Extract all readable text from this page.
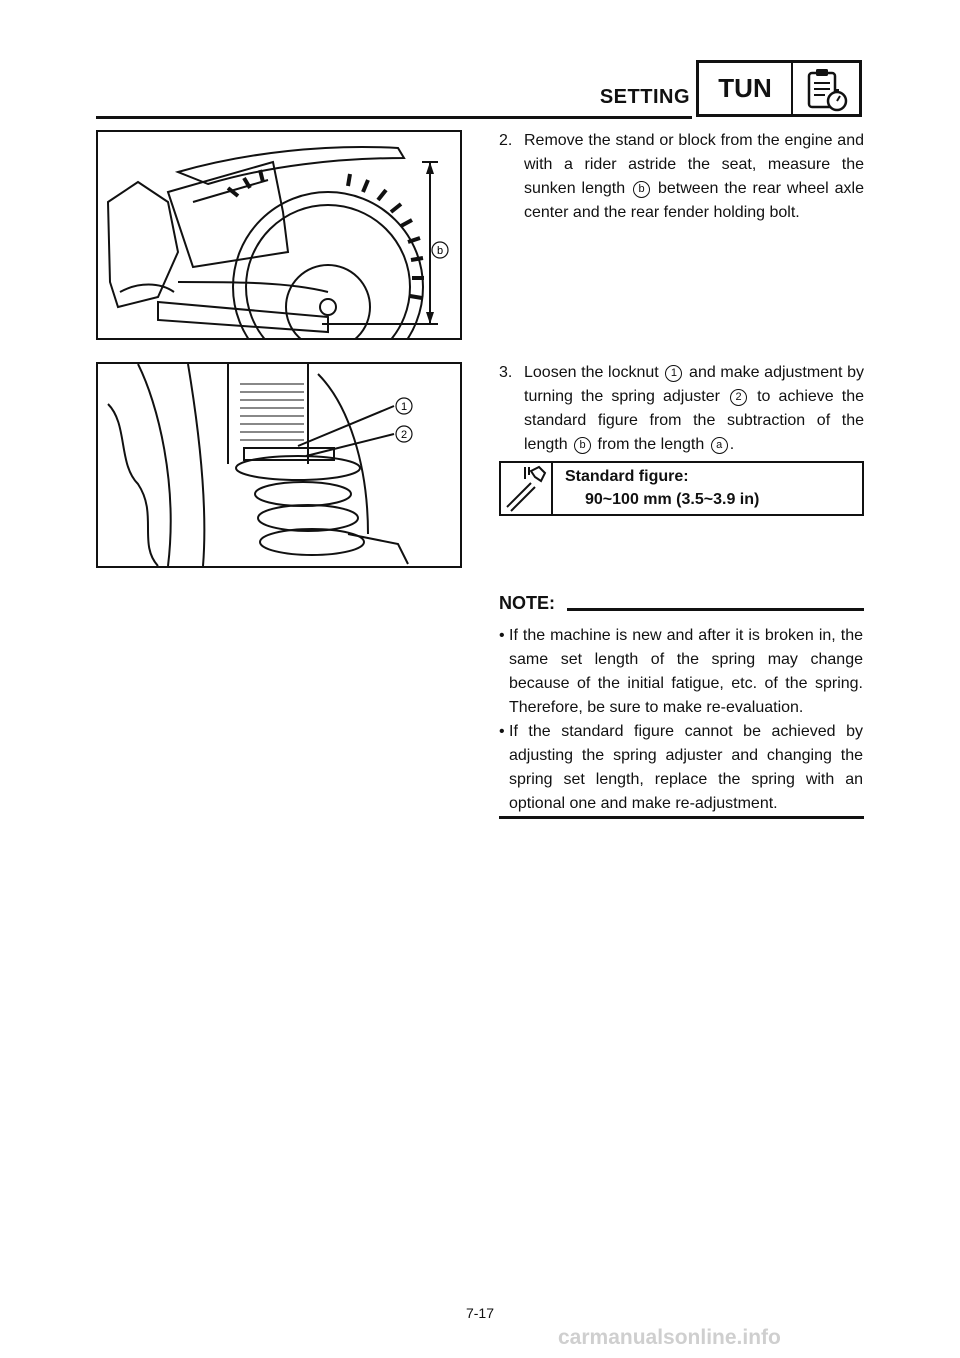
SETTING	TUN
b
1
2
2. Remove the stand or block from the engine and with a rider astride the seat, measure the sunken length b between the rear wheel axle center and the rear fender holding bolt.
3. Loosen the locknut 1 and make adjustment by turning the spring adjuster 2 to achieve the standard figure from the subtraction of the length b from the length a .
Standard figure:
90~100 mm (3.5~3.9 in)
NOTE:
• If the machine is new and after it is broken in, the same set length of the spring may change because of the initial fatigue, etc. of the spring. Therefore, be sure to make re-evaluation.
• If the standard figure cannot be achieved by adjusting the spring adjuster and changing the spring set length, replace the spring with an optional one and make re-adjustment.
7-17
carmanualsonline.info
